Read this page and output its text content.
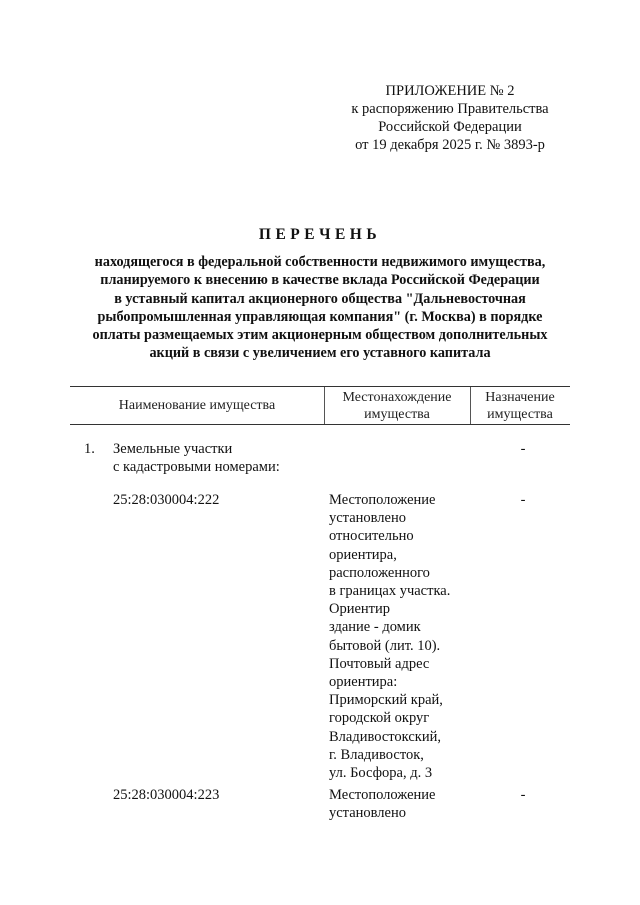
ПРИЛОЖЕНИЕ № 2
к распоряжению Правительства
Российской Федерации
от 19 декабря 2025 г. № 3893-р
ПЕРЕЧЕНЬ
находящегося в федеральной собственности недвижимого имущества,
планируемого к внесению в качестве вклада Российской Федерации
в уставный капитал акционерного общества "Дальневосточная
рыбопромышленная управляющая компания" (г. Москва) в порядке
оплаты размещаемых этим акционерным обществом дополнительных
акций в связи с увеличением его уставного капитала
Наименование имущества
Местонахождение
имущества
Назначение
имущества
1. Земельные участки
с кадастровыми номерами:
-
25:28:030004:222	Местоположение
установлено
относительно
ориентира,
расположенного
в границах участка.
Ориентир
здание - домик
бытовой (лит. 10).
Почтовый адрес
ориентира:
Приморский край,
городской округ
Владивостокский,
г. Владивосток,
ул. Босфора, д. 3
-
25:28:030004:223	Местоположение
установлено
-
